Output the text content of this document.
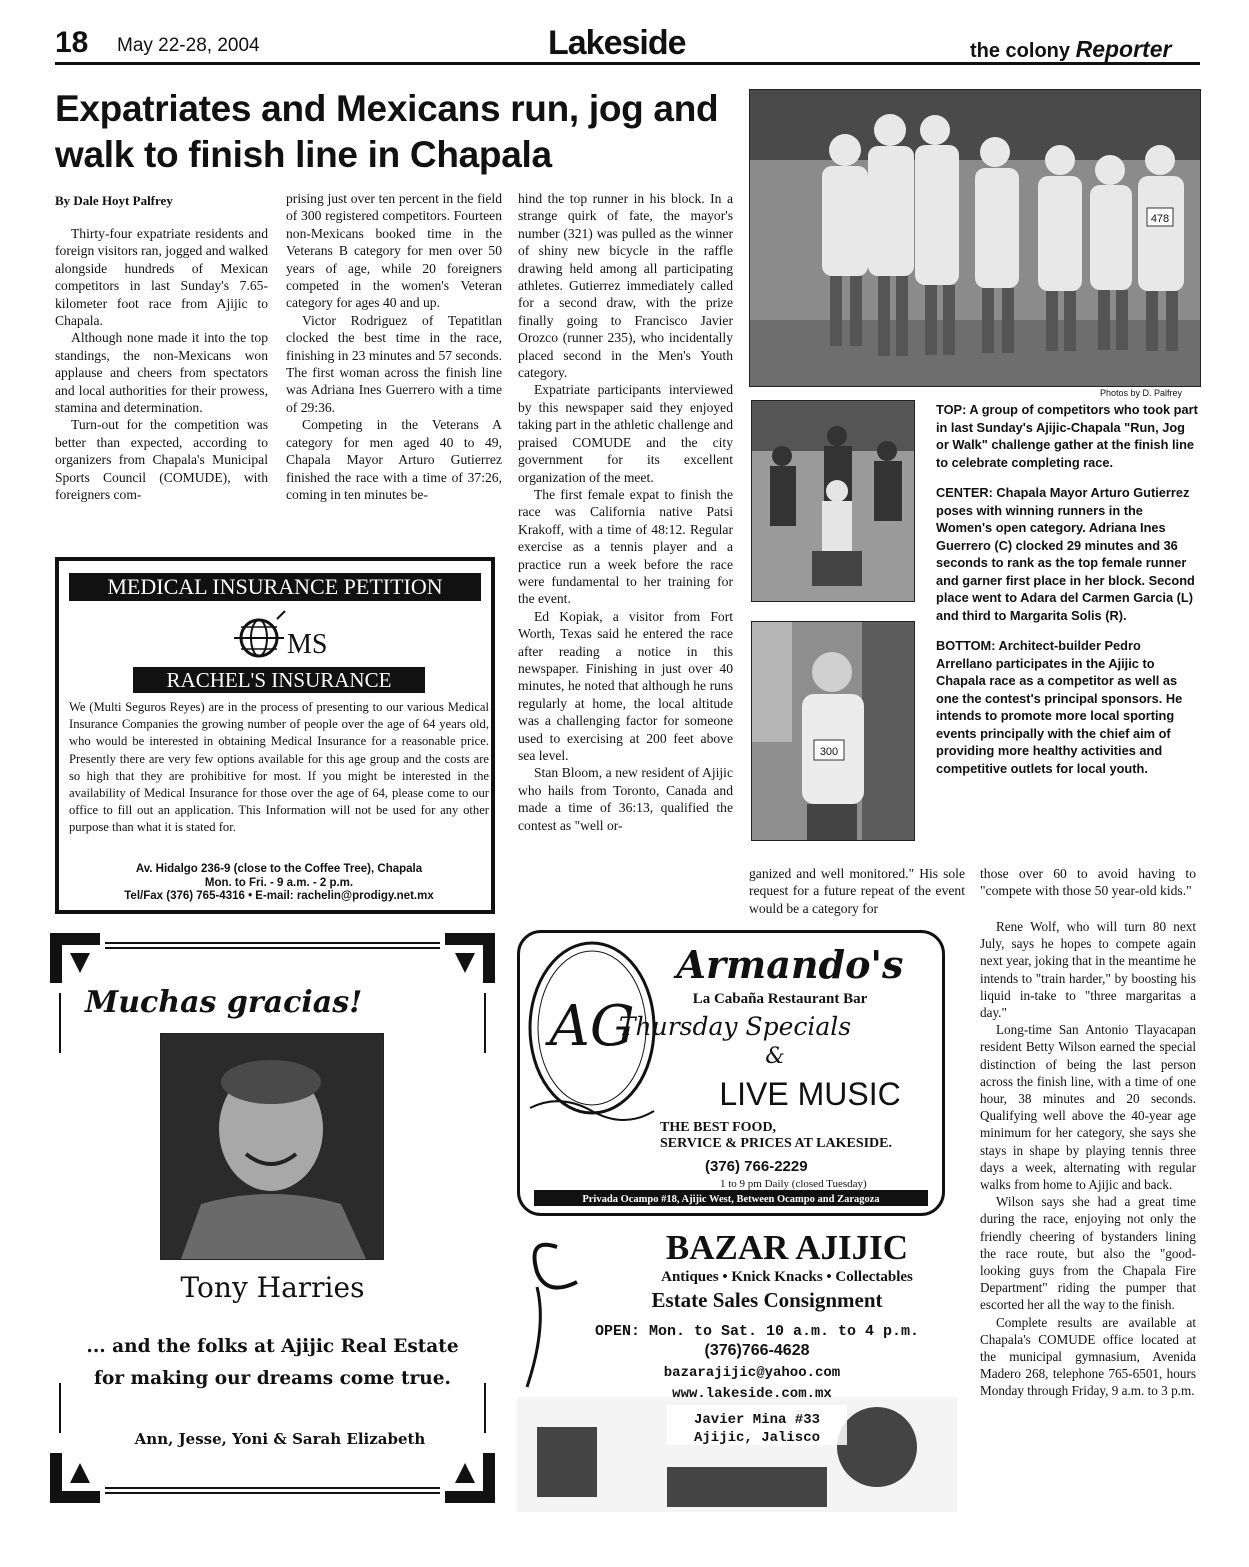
18 May 22-28, 2004	Lakeside	the colony Reporter
Expatriates and Mexicans run, jog and walk to finish line in Chapala
By Dale Hoyt Palfrey

Thirty-four expatriate residents and foreign visitors ran, jogged and walked alongside hundreds of Mexican competitors in last Sunday's 7.65-kilometer foot race from Ajijic to Chapala.

Although none made it into the top standings, the non-Mexicans won applause and cheers from spectators and local authorities for their prowess, stamina and determination.

Turn-out for the competition was better than expected, according to organizers from Chapala's Municipal Sports Council (COMUDE), with foreigners com-

prising just over ten percent in the field of 300 registered competitors. Fourteen non-Mexicans booked time in the Veterans B category for men over 50 years of age, while 20 foreigners competed in the women's Veteran category for ages 40 and up.

Victor Rodriguez of Tepatitlan clocked the best time in the race, finishing in 23 minutes and 57 seconds. The first woman across the finish line was Adriana Ines Guerrero with a time of 29:36.

Competing in the Veterans A category for men aged 40 to 49, Chapala Mayor Arturo Gutierrez finished the race with a time of 37:26, coming in ten minutes be-

hind the top runner in his block. In a strange quirk of fate, the mayor's number (321) was pulled as the winner of shiny new bicycle in the raffle drawing held among all participating athletes. Gutierrez immediately called for a second draw, with the prize finally going to Francisco Javier Orozco (runner 235), who incidentally placed second in the Men's Youth category.

Expatriate participants interviewed by this newspaper said they enjoyed taking part in the athletic challenge and praised COMUDE and the city government for its excellent organization of the meet.

The first female expat to finish the race was California native Patsi Krakoff, with a time of 48:12. Regular exercise as a tennis player and a practice run a week before the race were fundamental to her training for the event.

Ed Kopiak, a visitor from Fort Worth, Texas said he entered the race after reading a notice in this newspaper. Finishing in just over 40 minutes, he noted that although he runs regularly at home, the local altitude was a challenging factor for someone used to exercising at 200 feet above sea level.

Stan Bloom, a new resident of Ajijic who hails from Toronto, Canada and made a time of 36:13, qualified the contest as "well or-

ganized and well monitored." His sole request for a future repeat of the event would be a category for

those over 60 to avoid having to "compete with those 50 year-old kids."

Rene Wolf, who will turn 80 next July, says he hopes to compete again next year, joking that in the meantime he intends to "train harder," by boosting his liquid in-take to "three margaritas a day."

Long-time San Antonio Tlayacapan resident Betty Wilson earned the special distinction of being the last person across the finish line, with a time of one hour, 38 minutes and 20 seconds. Qualifying well above the 40-year age minimum for her category, she says she stays in shape by playing tennis three days a week, alternating with regular walks from home to Ajijic and back.

Wilson says she had a great time during the race, enjoying not only the friendly cheering of bystanders lining the race route, but also the "good-looking guys from the Chapala Fire Department" riding the pumper that escorted her all the way to the finish.

Complete results are available at Chapala's COMUDE office located at the municipal gymnasium, Avenida Madero 268, telephone 765-6501, hours Monday through Friday, 9 a.m. to 3 p.m.

478
Photos by D. Palfrey
300

TOP: A group of competitors who took part in last Sunday's Ajijic-Chapala "Run, Jog or Walk" challenge gather at the finish line to celebrate completing race.

CENTER: Chapala Mayor Arturo Gutierrez poses with winning runners in the Women's open category. Adriana Ines Guerrero (C) clocked 29 minutes and 36 seconds to rank as the top female runner and garner first place in her block. Second place went to Adara del Carmen Garcia (L) and third to Margarita Solis (R).

BOTTOM: Architect-builder Pedro Arrellano participates in the Ajijic to Chapala race as a competitor as well as one the contest's principal sponsors. He intends to promote more local sporting events principally with the chief aim of providing more healthy activities and competitive outlets for local youth.

MEDICAL INSURANCE PETITION
MS
RACHEL'S INSURANCE
We (Multi Seguros Reyes) are in the process of presenting to our various Medical Insurance Companies the growing number of people over the age of 64 years old, who would be interested in obtaining Medical Insurance for a reasonable price. Presently there are very few options available for this age group and the costs are so high that they are prohibitive for most. If you might be interested in the availability of Medical Insurance for those over the age of 64, please come to our office to fill out an application. This Information will not be used for any other purpose than what it is stated for.
Av. Hidalgo 236-9 (close to the Coffee Tree), Chapala
Mon. to Fri. - 9 a.m. - 2 p.m.
Tel/Fax (376) 765-4316 • E-mail: rachelin@prodigy.net.mx
Muchas gracias!
Tony Harries
... and the folks at Ajijic Real Estate
for making our dreams come true.
Ann, Jesse, Yoni & Sarah Elizabeth
AG
Armando's
La Cabaña Restaurant Bar
Thursday Specials
&
LIVE MUSIC
THE BEST FOOD,
SERVICE & PRICES AT LAKESIDE.
(376) 766-2229
1 to 9 pm Daily (closed Tuesday)
Privada Ocampo #18, Ajijic West, Between Ocampo and Zaragoza
BAZAR AJIJIC
Antiques • Knick Knacks • Collectables
Estate Sales Consignment
OPEN: Mon. to Sat. 10 a.m. to 4 p.m.
(376)766-4628
bazarajijic@yahoo.com
www.lakeside.com.mx
Javier Mina #33
Ajijic, Jalisco
